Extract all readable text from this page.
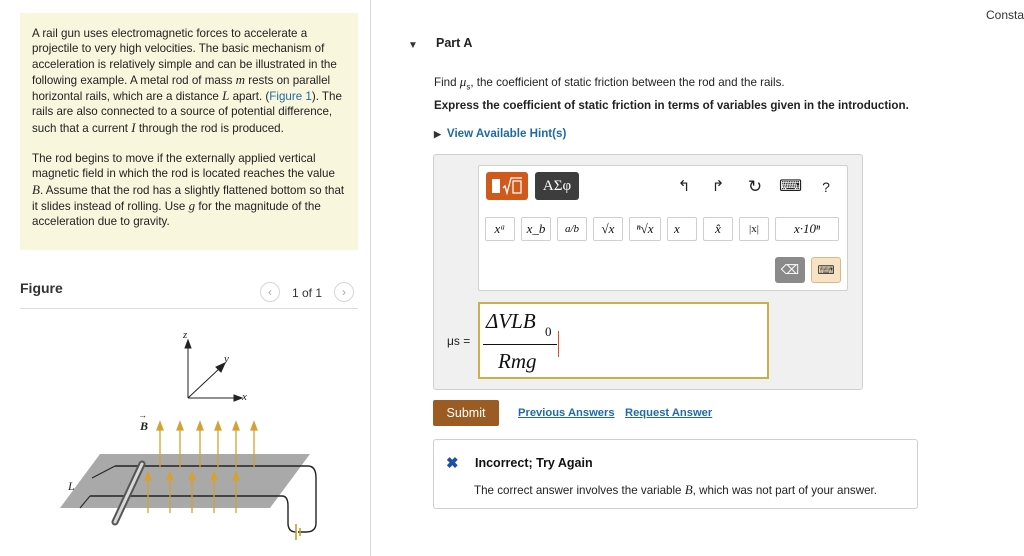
A rail gun uses electromagnetic forces to accelerate a projectile to very high velocities. The basic mechanism of acceleration is relatively simple and can be illustrated in the following example. A metal rod of mass m rests on parallel horizontal rails, which are a distance L apart. (Figure 1). The rails are also connected to a source of potential difference, such that a current I through the rod is produced.

The rod begins to move if the externally applied vertical magnetic field in which the rod is located reaches the value B. Assume that the rod has a slightly flattened bottom so that it slides instead of rolling. Use g for the magnitude of the acceleration due to gravity.

Figure	‹	1 of 1	›
z
y
x
B
→
L
Consta
▼ Part A
Find $\mu_s$, the coefficient of static friction between the rod and the rails.
Express the coefficient of static friction in terms of variables given in the introduction.
▶ View Available Hint(s)
ΑΣφ	↰	↱ ↻ ⌨	?
xᵃ	x_b	a/b	√x	ⁿ√x	x⃗	x̂	|x|	x·10ⁿ
⌫	⌨
μs =
ΔVLB 0
Rmg
Submit	Previous Answers Request Answer
✖ Incorrect; Try Again
The correct answer involves the variable B, which was not part of your answer.
